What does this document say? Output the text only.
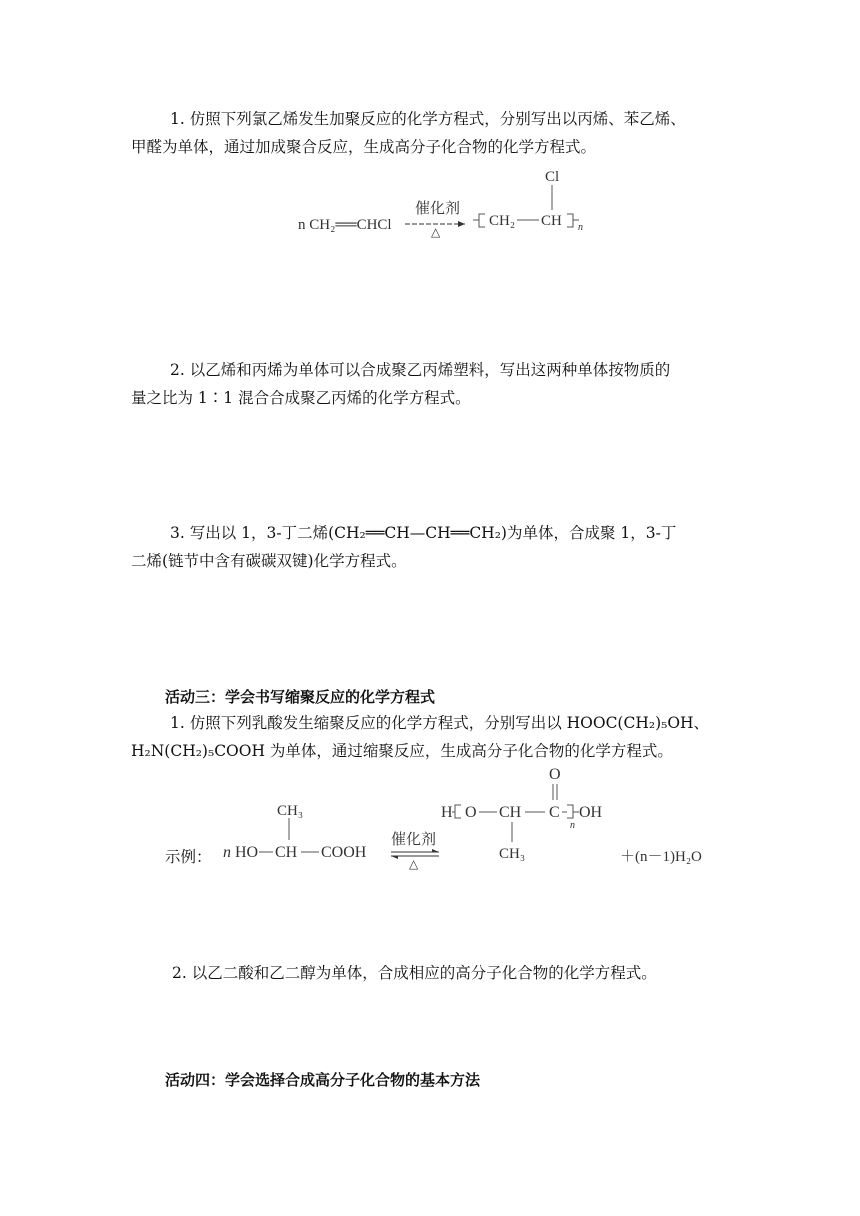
1. 仿照下列氯乙烯发生加聚反应的化学方程式，分别写出以丙烯、苯乙烯、
甲醛为单体，通过加成聚合反应，生成高分子化合物的化学方程式。
n CH₂══CHCl
催化剂
△
CH₂ CH
Cl
n
2. 以乙烯和丙烯为单体可以合成聚乙丙烯塑料，写出这两种单体按物质的
量之比为 1∶1 混合合成聚乙丙烯的化学方程式。
3. 写出以 1，3-丁二烯(CH₂══CH—CH══CH₂)为单体，合成聚 1，3-丁
二烯(链节中含有碳碳双键)化学方程式。
活动三：学会书写缩聚反应的化学方程式
1. 仿照下列乳酸发生缩聚反应的化学方程式，分别写出以 HOOC(CH₂)₅OH、
H₂N(CH₂)₅COOH 为单体，通过缩聚反应，生成高分子化合物的化学方程式。
示例： n HO CH
CH₃
COOH
催化剂
△
H O CH
CH₃
C
O
n
OH
＋(n－1)H₂O
2. 以乙二酸和乙二醇为单体，合成相应的高分子化合物的化学方程式。
活动四：学会选择合成高分子化合物的基本方法
